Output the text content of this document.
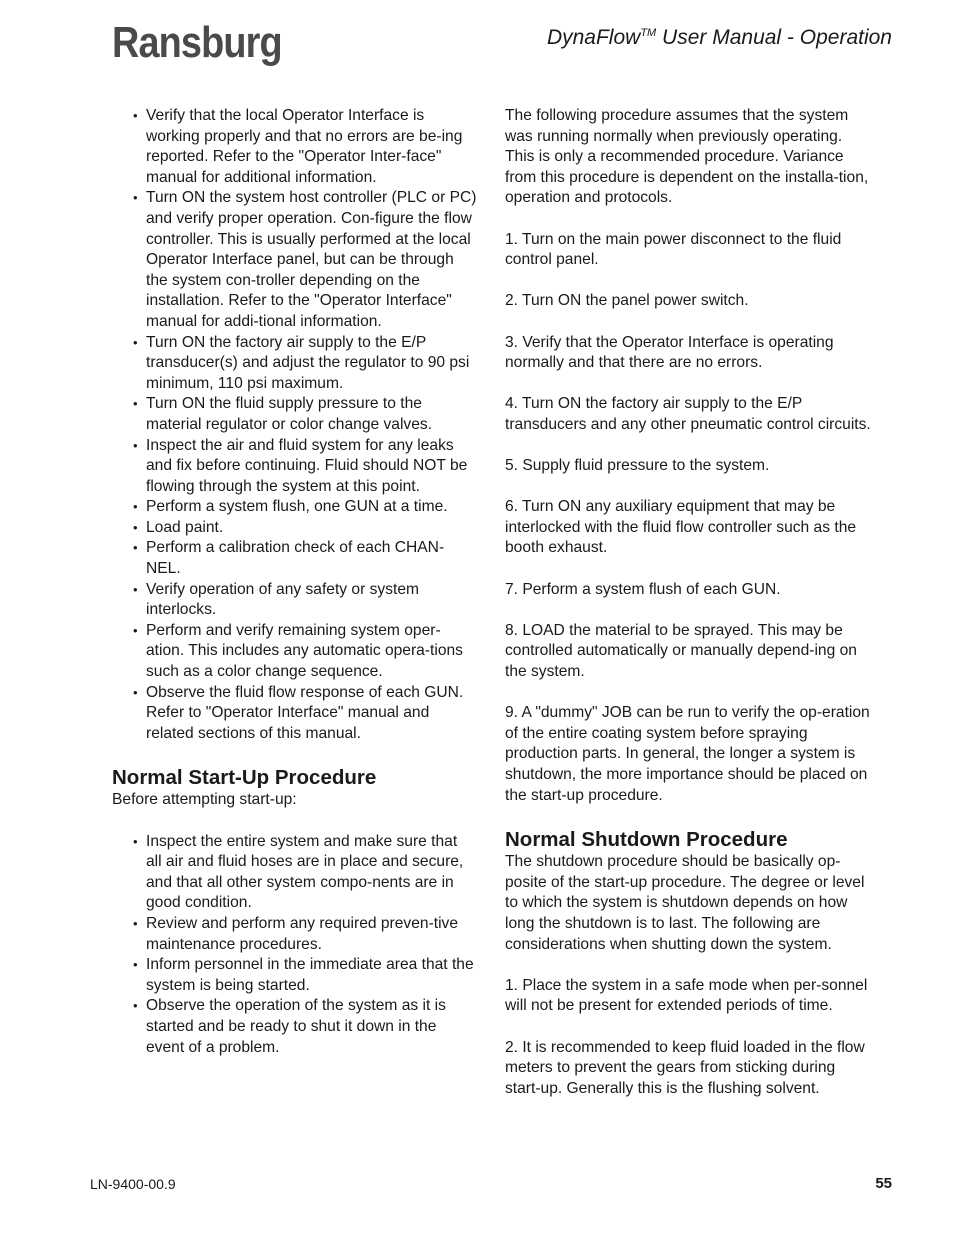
Ransburg	DynaFlow™ User Manual - Operation
• Verify that the local Operator Interface is working properly and that no errors are be-ing reported. Refer to the "Operator Inter-face" manual for additional information.
• Turn ON the system host controller (PLC or PC) and verify proper operation. Con-figure the flow controller. This is usually performed at the local Operator Interface panel, but can be through the system con-troller depending on the installation. Refer to the "Operator Interface" manual for addi-tional information.
• Turn ON the factory air supply to the E/P transducer(s) and adjust the regulator to 90 psi minimum, 110 psi maximum.
• Turn ON the fluid supply pressure to the material regulator or color change valves.
• Inspect the air and fluid system for any leaks and fix before continuing. Fluid should NOT be flowing through the system at this point.
• Perform a system flush, one GUN at a time.
• Load paint.
• Perform a calibration check of each CHAN-NEL.
• Verify operation of any safety or system interlocks.
• Perform and verify remaining system oper-ation. This includes any automatic opera-tions such as a color change sequence.
• Observe the fluid flow response of each GUN. Refer to "Operator Interface" manual and related sections of this manual.

Normal Start-Up Procedure

Before attempting start-up:

• Inspect the entire system and make sure that all air and fluid hoses are in place and secure, and that all other system compo-nents are in good condition.
• Review and perform any required preven-tive maintenance procedures.
• Inform personnel in the immediate area that the system is being started.
• Observe the operation of the system as it is started and be ready to shut it down in the event of a problem.

The following procedure assumes that the system was running normally when previously operating. This is only a recommended procedure. Variance from this procedure is dependent on the installa-tion, operation and protocols.

1. Turn on the main power disconnect to the fluid control panel.

2. Turn ON the panel power switch.

3. Verify that the Operator Interface is operating normally and that there are no errors.

4. Turn ON the factory air supply to the E/P transducers and any other pneumatic control circuits.

5. Supply fluid pressure to the system.

6. Turn ON any auxiliary equipment that may be interlocked with the fluid flow controller such as the booth exhaust.

7. Perform a system flush of each GUN.

8. LOAD the material to be sprayed. This may be controlled automatically or manually depend-ing on the system.

9. A "dummy" JOB can be run to verify the op-eration of the entire coating system before spraying production parts. In general, the longer a system is shutdown, the more importance should be placed on the start-up procedure.

Normal Shutdown Procedure

The shutdown procedure should be basically op-posite of the start-up procedure. The degree or level to which the system is shutdown depends on how long the shutdown is to last. The following are considerations when shutting down the system.

1. Place the system in a safe mode when per-sonnel will not be present for extended periods of time.

2. It is recommended to keep fluid loaded in the flow meters to prevent the gears from sticking during start-up. Generally this is the flushing solvent.

LN-9400-00.9	55
